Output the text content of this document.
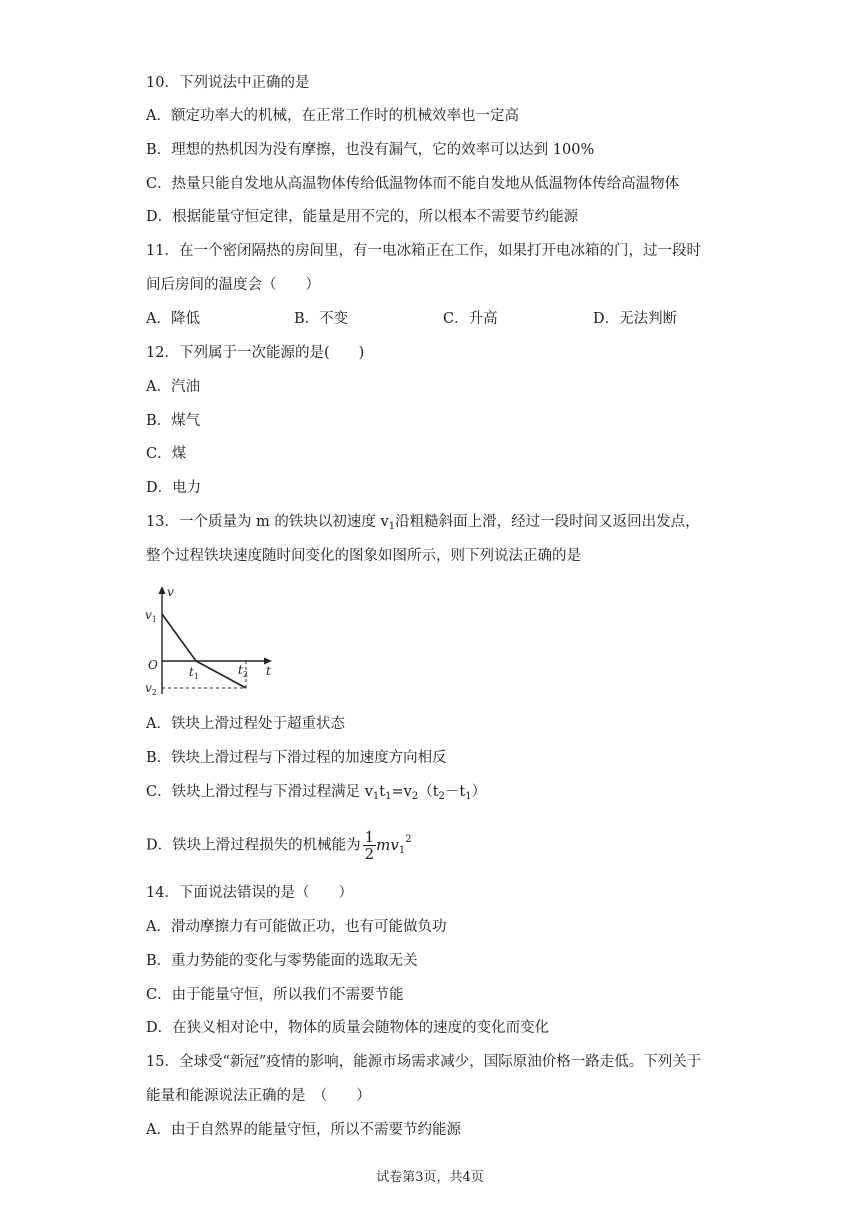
10．下列说法中正确的是
A．额定功率大的机械，在正常工作时的机械效率也一定高
B．理想的热机因为没有摩擦，也没有漏气，它的效率可以达到 100%
C．热量只能自发地从高温物体传给低温物体而不能自发地从低温物体传给高温物体
D．根据能量守恒定律，能量是用不完的，所以根本不需要节约能源
11．在一个密闭隔热的房间里，有一电冰箱正在工作，如果打开电冰箱的门，过一段时
间后房间的温度会（　　）
A．降低	B．不变	C．升高	D．无法判断
12．下列属于一次能源的是(　　)
A．汽油
B．煤气
C．煤
D．电力
13．一个质量为 m 的铁块以初速度 $v_1$沿粗糙斜面上滑，经过一段时间又返回出发点，
整个过程铁块速度随时间变化的图象如图所示，则下列说法正确的是
v
$v_1$
O	$t_1$	$t_2$ t
$v_2$
A．铁块上滑过程处于超重状态
B．铁块上滑过程与下滑过程的加速度方向相反
C．铁块上滑过程与下滑过程满足 $v_1t_1=v_2(t_2-t_1)$
D．铁块上滑过程损失的机械能为 $\frac{1}{2} mv_1^2$
14．下面说法错误的是（　　）
A．滑动摩擦力有可能做正功，也有可能做负功
B．重力势能的变化与零势能面的选取无关
C．由于能量守恒，所以我们不需要节能
D．在狭义相对论中，物体的质量会随物体的速度的变化而变化
15．全球受“新冠”疫情的影响，能源市场需求减少，国际原油价格一路走低。下列关于
能量和能源说法正确的是　（　　）
A．由于自然界的能量守恒，所以不需要节约能源
试卷第3页，共4页
